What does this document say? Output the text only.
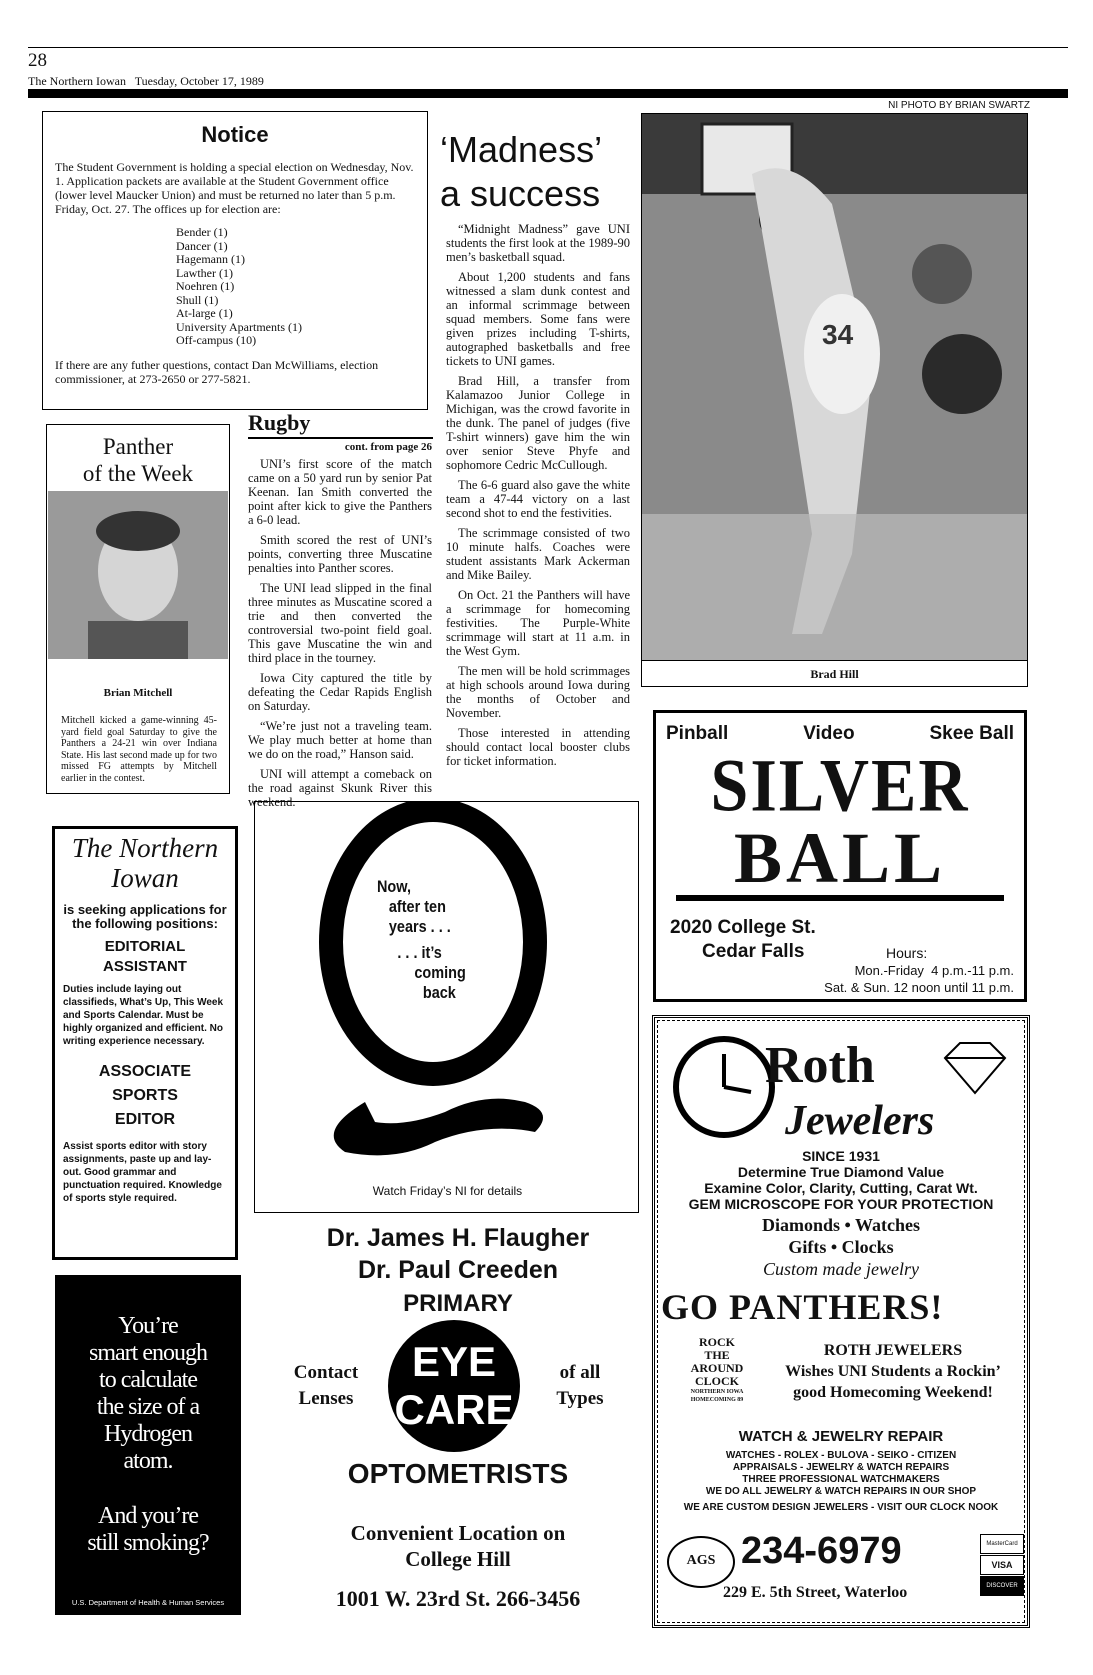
28
The Northern Iowan   Tuesday, October 17, 1989
NI PHOTO BY BRIAN SWARTZ
Notice

The Student Government is holding a special election on Wednesday, Nov. 1. Application packets are available at the Student Government office (lower level Maucker Union) and must be returned no later than 5 p.m. Friday, Oct. 27. The offices up for election are:

Bender (1)
Dancer (1)
Hagemann (1)
Lawther (1)
Noehren (1)
Shull (1)
At-large (1)
University Apartments (1)
Off-campus (10)

If there are any futher questions, contact Dan McWilliams, election commissioner, at 273-2650 or 277-5821.

‘Madness’
a success

“Midnight Madness” gave UNI students the first look at the 1989-90 men’s basketball squad.

About 1,200 students and fans witnessed a slam dunk contest and an informal scrimmage between squad members. Some fans were given prizes including T-shirts, autographed basketballs and free tickets to UNI games.

Brad Hill, a transfer from Kalamazoo Junior College in Michigan, was the crowd favorite in the dunk. The panel of judges (five T-shirt winners) gave him the win over senior Steve Phyfe and sophomore Cedric McCullough.

The 6-6 guard also gave the white team a 47-44 victory on a last second shot to end the festivities.

The scrimmage consisted of two 10 minute halfs. Coaches were student assistants Mark Ackerman and Mike Bailey.

On Oct. 21 the Panthers will have a scrimmage for homecoming festivities. The Purple-White scrimmage will start at 11 a.m. in the West Gym.

The men will be hold scrimmages at high schools around Iowa during the months of October and November.

Those interested in attending should contact local booster clubs for ticket information.

34
Brad Hill
Panther
of the Week
Brian Mitchell

Mitchell kicked a game-winning 45-yard field goal Saturday to give the Panthers a 24-21 win over Indiana State. His last second made up for two missed FG attempts by Mitchell earlier in the contest.

Rugby
cont. from page 26

UNI’s first score of the match came on a 50 yard run by senior Pat Keenan. Ian Smith converted the point after kick to give the Panthers a 6-0 lead.

Smith scored the rest of UNI’s points, converting three Muscatine penalties into Panther scores.

The UNI lead slipped in the final three minutes as Muscatine scored a trie and then converted the controversial two-point field goal. This gave Muscatine the win and third place in the tourney.

Iowa City captured the title by defeating the Cedar Rapids English on Saturday.

“We’re just not a traveling team. We play much better at home than we do on the road,” Hanson said.

UNI will attempt a comeback on the road against Skunk River this weekend.

Pinball	Video	Skee Ball
SILVER
BALL
2020 College St.
Cedar Falls	Hours:
Mon.-Friday  4 p.m.-11 p.m.
Sat. & Sun. 12 noon until 11 p.m.
The Northern
Iowan
is seeking applications for the following positions:
EDITORIAL
ASSISTANT

Duties include laying out classifieds, What’s Up, This Week and Sports Calendar. Must be highly organized and efficient. No writing experience necessary.

ASSOCIATE
SPORTS
EDITOR

Assist sports editor with story assignments, paste up and lay-out. Good grammar and punctuation required. Knowledge of sports style required.

Now,
after ten
years . . .
. . . it’s
coming
back
Watch Friday’s NI for details
You’re
smart enough
to calculate
the size of a
Hydrogen
atom.
And you’re
still smoking?
U.S. Department of Health & Human Services
Dr. James H. Flaugher
Dr. Paul Creeden
PRIMARY
EYE
CARE
Contact
Lenses
of all
Types
OPTOMETRISTS
Convenient Location on
College Hill
1001 W. 23rd St. 266-3456
Roth
Jewelers
SINCE 1931
Determine True Diamond Value
Examine Color, Clarity, Cutting, Carat Wt.
GEM MICROSCOPE FOR YOUR PROTECTION
Diamonds • Watches
Gifts • Clocks
Custom made jewelry
GO PANTHERS!
ROCK
THE
AROUND
CLOCK
NORTHERN IOWA HOMECOMING 89
ROTH JEWELERS
Wishes UNI Students a Rockin’
good Homecoming Weekend!
WATCH & JEWELRY REPAIR
WATCHES - ROLEX - BULOVA - SEIKO - CITIZEN
APPRAISALS - JEWELRY & WATCH REPAIRS
THREE PROFESSIONAL WATCHMAKERS
WE DO ALL JEWELRY & WATCH REPAIRS IN OUR SHOP
WE ARE CUSTOM DESIGN JEWELERS - VISIT OUR CLOCK NOOK
AGS 234-6979
229 E. 5th Street, Waterloo
MasterCard
VISA
DISCOVER
